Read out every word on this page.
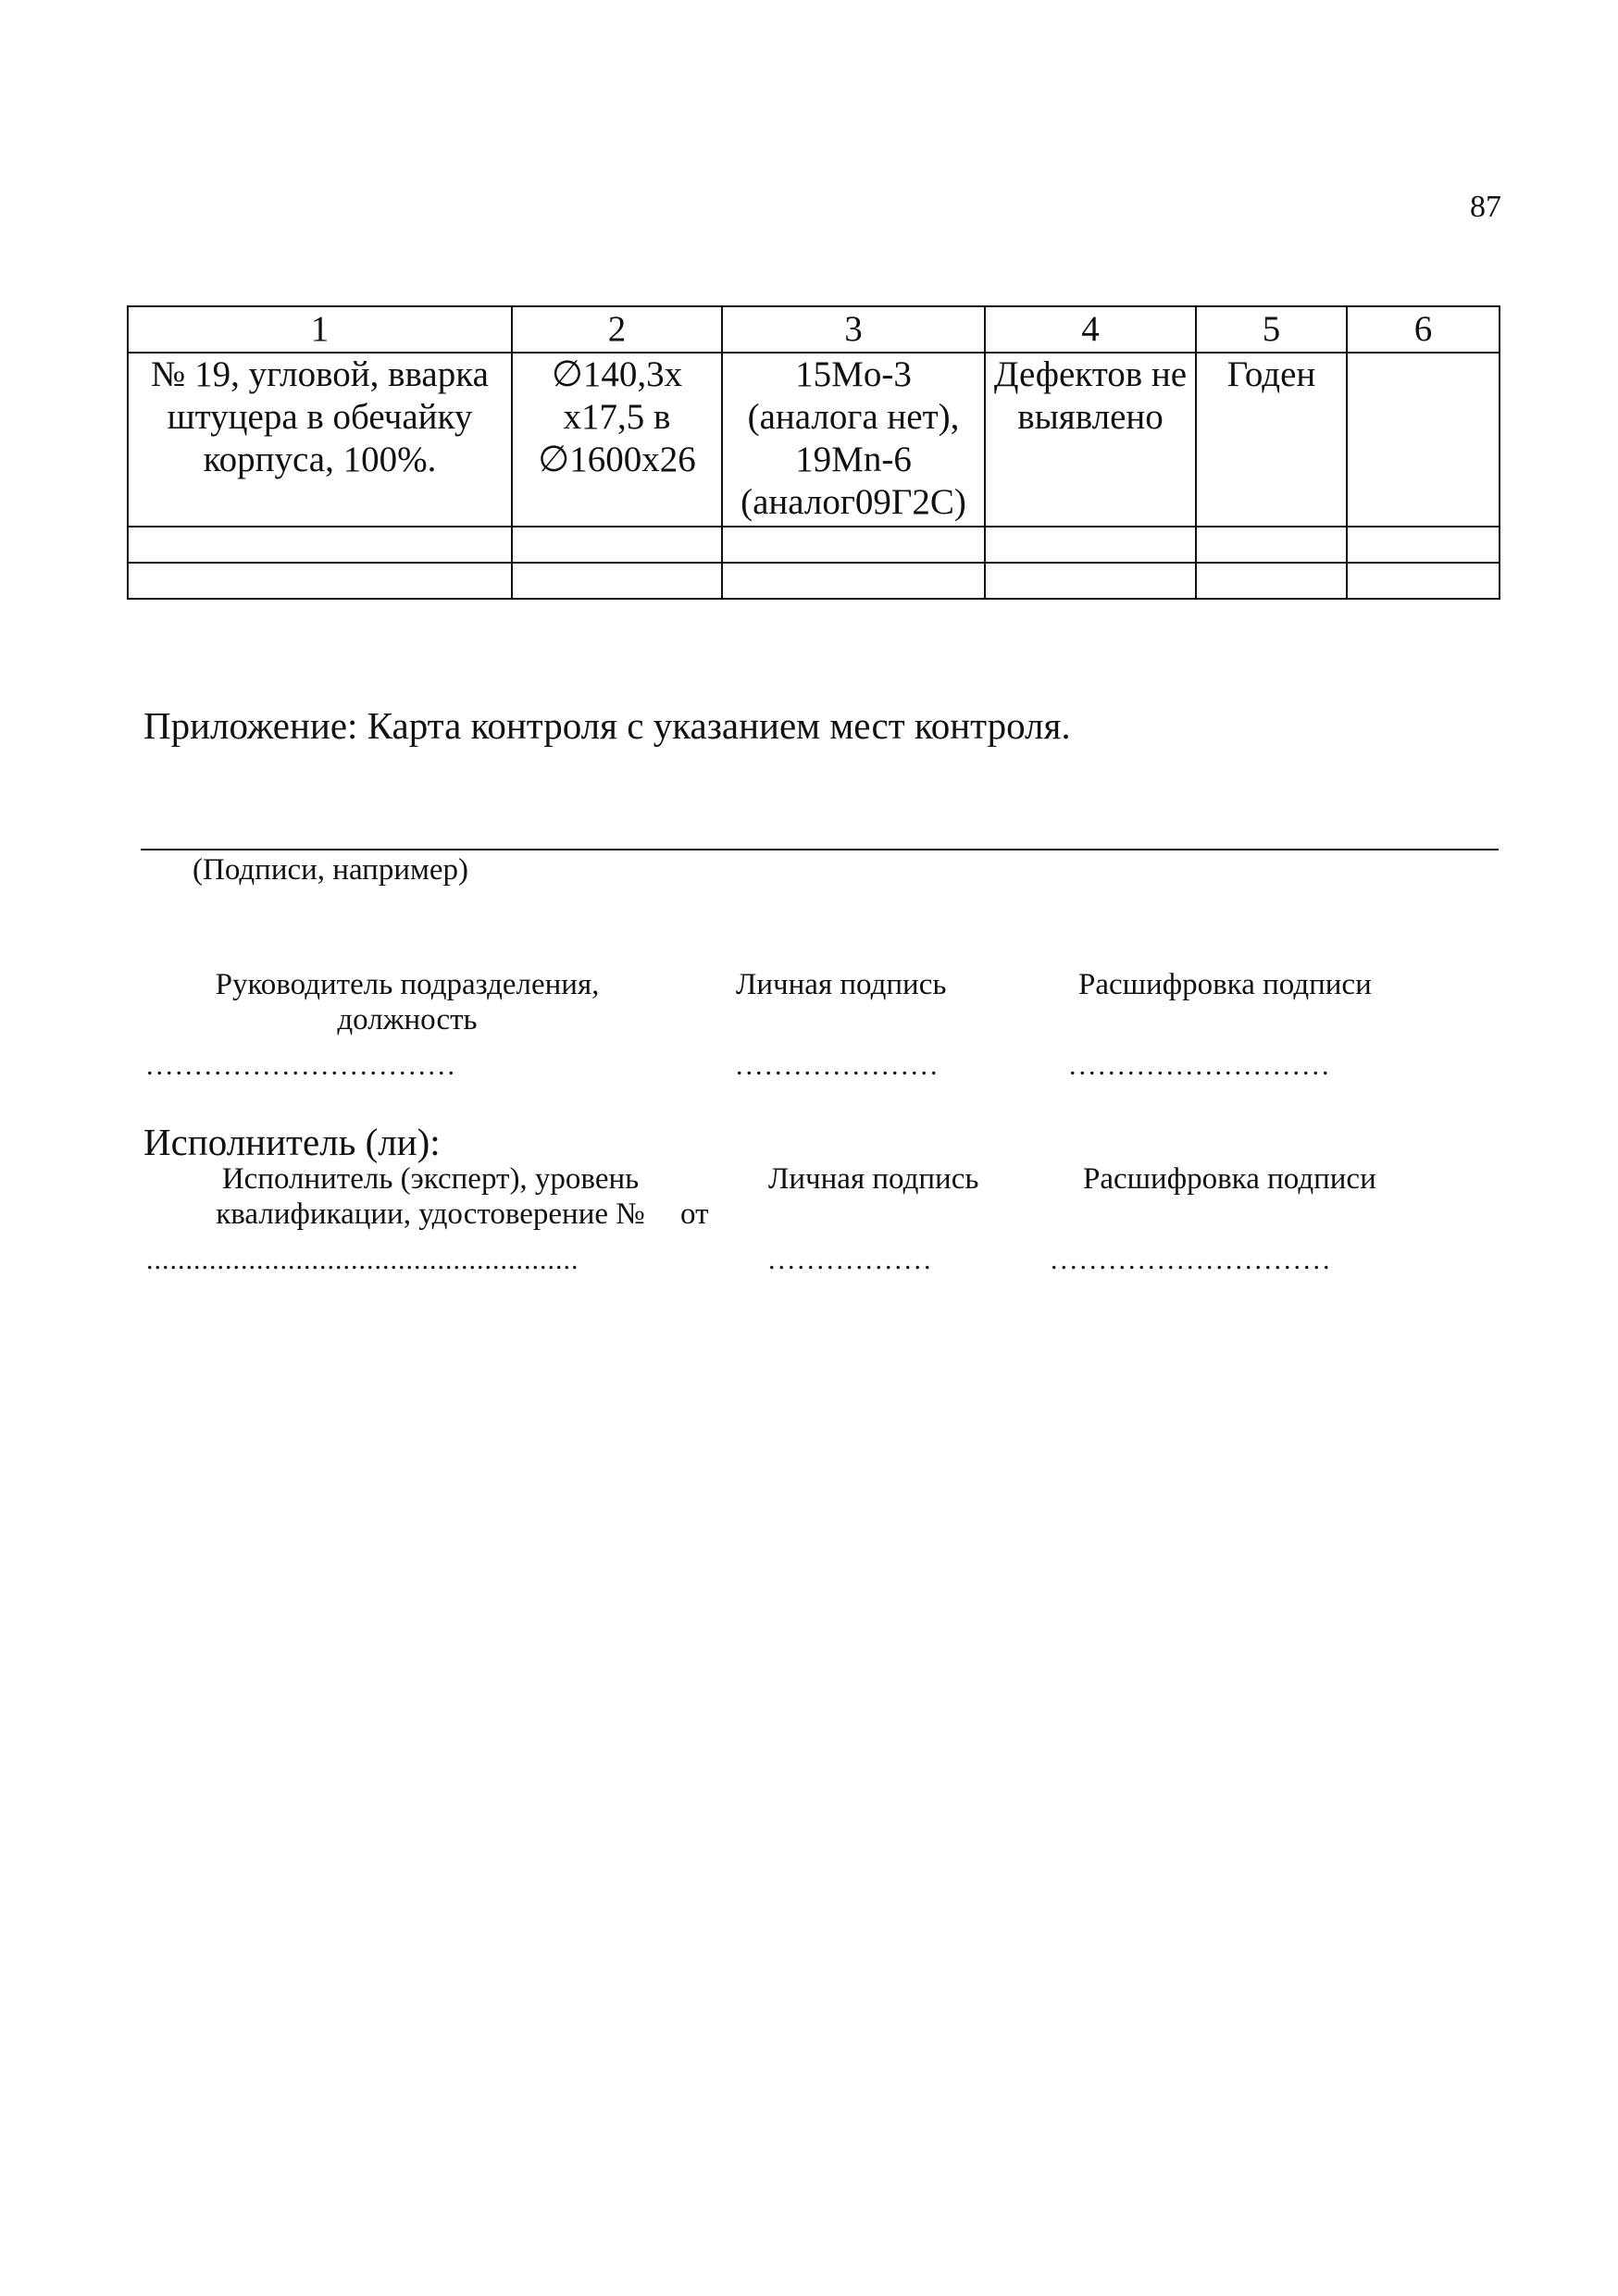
87
1	2	3	4	5	6
№ 19, угловой, вварка штуцера в обечайку корпуса, 100%.	∅140,3х х17,5 в ∅1600х26	15Mo-3 (аналога нет), 19Mn-6 (аналог09Г2С)	Дефектов не выявлено	Годен	

Приложение: Карта контроля с указанием мест контроля.
(Подписи, например)
Руководитель подразделения, должность
Личная подпись	Расшифровка подписи
................................	.....................	...........................
Исполнитель (ли):
Исполнитель (эксперт), уровень квалификации, удостоверение №	от
Личная подпись	Расшифровка подписи
.......................................................	.................	.............................
